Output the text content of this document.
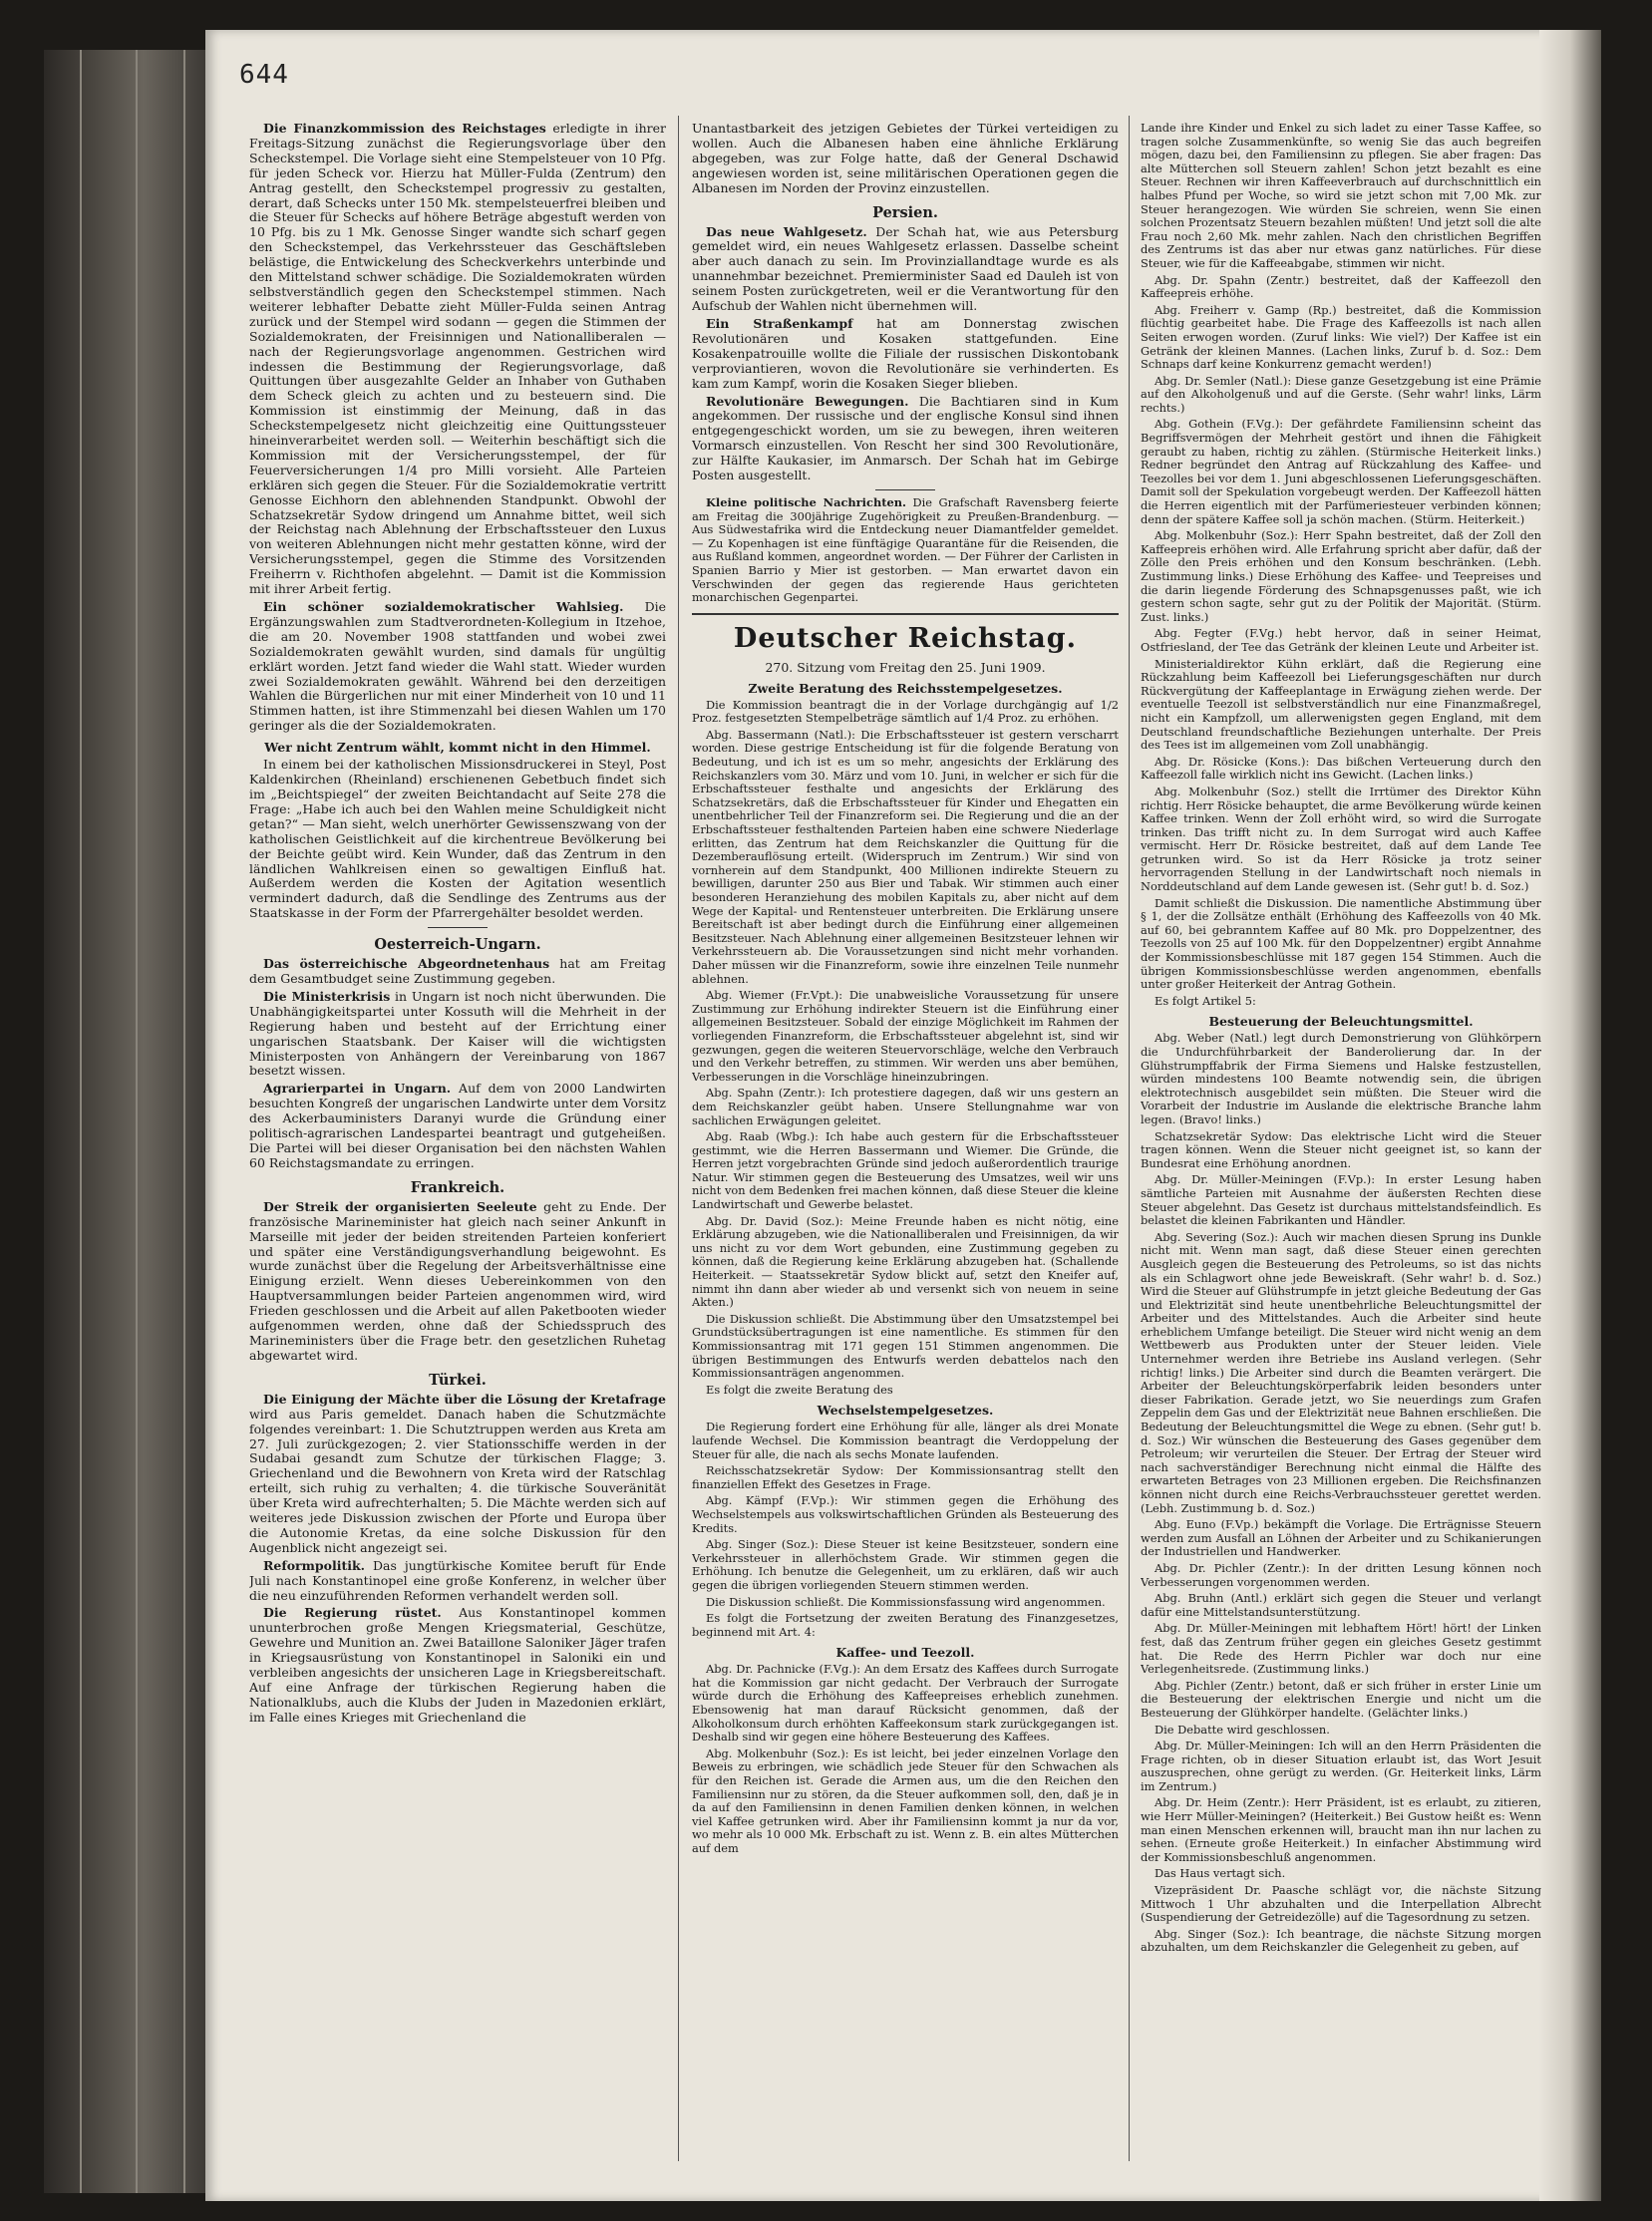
644

Die Finanzkommission des Reichstages erledigte in ihrer Freitags-Sitzung zunächst die Regierungsvorlage über den Scheckstempel. Die Vorlage sieht eine Stempelsteuer von 10 Pfg. für jeden Scheck vor. Hierzu hat Müller-Fulda (Zentrum) den Antrag gestellt, den Scheckstempel progressiv zu gestalten, derart, daß Schecks unter 150 Mk. stempelsteuerfrei bleiben und die Steuer für Schecks auf höhere Beträge abgestuft werden von 10 Pfg. bis zu 1 Mk. Genosse Singer wandte sich scharf gegen den Scheckstempel, das Verkehrssteuer das Geschäftsleben belästige, die Entwickelung des Scheckverkehrs unterbinde und den Mittelstand schwer schädige. Die Sozialdemokraten würden selbstverständlich gegen den Scheckstempel stimmen. Nach weiterer lebhafter Debatte zieht Müller-Fulda seinen Antrag zurück und der Stempel wird sodann — gegen die Stimmen der Sozialdemokraten, der Freisinnigen und Nationalliberalen — nach der Regierungsvorlage angenommen. Gestrichen wird indessen die Bestimmung der Regierungsvorlage, daß Quittungen über ausgezahlte Gelder an Inhaber von Guthaben dem Scheck gleich zu achten und zu besteuern sind. Die Kommission ist einstimmig der Meinung, daß in das Scheckstempelgesetz nicht gleichzeitig eine Quittungssteuer hineinverarbeitet werden soll. — Weiterhin beschäftigt sich die Kommission mit der Versicherungsstempel, der für Feuerversicherungen 1/4 pro Milli vorsieht. Alle Parteien erklären sich gegen die Steuer. Für die Sozialdemokratie vertritt Genosse Eichhorn den ablehnenden Standpunkt. Obwohl der Schatzsekretär Sydow dringend um Annahme bittet, weil sich der Reichstag nach Ablehnung der Erbschaftssteuer den Luxus von weiteren Ablehnungen nicht mehr gestatten könne, wird der Versicherungsstempel, gegen die Stimme des Vorsitzenden Freiherrn v. Richthofen abgelehnt. — Damit ist die Kommission mit ihrer Arbeit fertig.

Ein schöner sozialdemokratischer Wahlsieg. Die Ergänzungswahlen zum Stadtverordneten-Kollegium in Itzehoe, die am 20. November 1908 stattfanden und wobei zwei Sozialdemokraten gewählt wurden, sind damals für ungültig erklärt worden. Jetzt fand wieder die Wahl statt. Wieder wurden zwei Sozialdemokraten gewählt. Während bei den derzeitigen Wahlen die Bürgerlichen nur mit einer Minderheit von 10 und 11 Stimmen hatten, ist ihre Stimmenzahl bei diesen Wahlen um 170 geringer als die der Sozialdemokraten.

Wer nicht Zentrum wählt, kommt nicht in den Himmel.

In einem bei der katholischen Missionsdruckerei in Steyl, Post Kaldenkirchen (Rheinland) erschienenen Gebetbuch findet sich im „Beichtspiegel“ der zweiten Beichtandacht auf Seite 278 die Frage: „Habe ich auch bei den Wahlen meine Schuldigkeit nicht getan?“ — Man sieht, welch unerhörter Gewissenszwang von der katholischen Geistlichkeit auf die kirchentreue Bevölkerung bei der Beichte geübt wird. Kein Wunder, daß das Zentrum in den ländlichen Wahlkreisen einen so gewaltigen Einfluß hat. Außerdem werden die Kosten der Agitation wesentlich vermindert dadurch, daß die Sendlinge des Zentrums aus der Staatskasse in der Form der Pfarrergehälter besoldet werden.

Oesterreich-Ungarn.

Das österreichische Abgeordnetenhaus hat am Freitag dem Gesamtbudget seine Zustimmung gegeben.

Die Ministerkrisis in Ungarn ist noch nicht überwunden. Die Unabhängigkeitspartei unter Kossuth will die Mehrheit in der Regierung haben und besteht auf der Errichtung einer ungarischen Staatsbank. Der Kaiser will die wichtigsten Ministerposten von Anhängern der Vereinbarung von 1867 besetzt wissen.

Agrarierpartei in Ungarn. Auf dem von 2000 Landwirten besuchten Kongreß der ungarischen Landwirte unter dem Vorsitz des Ackerbauministers Daranyi wurde die Gründung einer politisch-agrarischen Landespartei beantragt und gutgeheißen. Die Partei will bei dieser Organisation bei den nächsten Wahlen 60 Reichstagsmandate zu erringen.

Frankreich.

Der Streik der organisierten Seeleute geht zu Ende. Der französische Marineminister hat gleich nach seiner Ankunft in Marseille mit jeder der beiden streitenden Parteien konferiert und später eine Verständigungsverhandlung beigewohnt. Es wurde zunächst über die Regelung der Arbeitsverhältnisse eine Einigung erzielt. Wenn dieses Uebereinkommen von den Hauptversammlungen beider Parteien angenommen wird, wird Frieden geschlossen und die Arbeit auf allen Paketbooten wieder aufgenommen werden, ohne daß der Schiedsspruch des Marineministers über die Frage betr. den gesetzlichen Ruhetag abgewartet wird.

Türkei.

Die Einigung der Mächte über die Lösung der Kretafrage wird aus Paris gemeldet. Danach haben die Schutzmächte folgendes vereinbart: 1. Die Schutztruppen werden aus Kreta am 27. Juli zurückgezogen; 2. vier Stationsschiffe werden in der Sudabai gesandt zum Schutze der türkischen Flagge; 3. Griechenland und die Bewohnern von Kreta wird der Ratschlag erteilt, sich ruhig zu verhalten; 4. die türkische Souveränität über Kreta wird aufrechterhalten; 5. Die Mächte werden sich auf weiteres jede Diskussion zwischen der Pforte und Europa über die Autonomie Kretas, da eine solche Diskussion für den Augenblick nicht angezeigt sei.

Reformpolitik. Das jungtürkische Komitee beruft für Ende Juli nach Konstantinopel eine große Konferenz, in welcher über die neu einzuführenden Reformen verhandelt werden soll.

Die Regierung rüstet. Aus Konstantinopel kommen ununterbrochen große Mengen Kriegsmaterial, Geschütze, Gewehre und Munition an. Zwei Bataillone Saloniker Jäger trafen in Kriegsausrüstung von Konstantinopel in Saloniki ein und verbleiben angesichts der unsicheren Lage in Kriegsbereitschaft. Auf eine Anfrage der türkischen Regierung haben die Nationalklubs, auch die Klubs der Juden in Mazedonien erklärt, im Falle eines Krieges mit Griechenland die

Unantastbarkeit des jetzigen Gebietes der Türkei verteidigen zu wollen. Auch die Albanesen haben eine ähnliche Erklärung abgegeben, was zur Folge hatte, daß der General Dschawid angewiesen worden ist, seine militärischen Operationen gegen die Albanesen im Norden der Provinz einzustellen.

Persien.

Das neue Wahlgesetz. Der Schah hat, wie aus Petersburg gemeldet wird, ein neues Wahlgesetz erlassen. Dasselbe scheint aber auch danach zu sein. Im Provinziallandtage wurde es als unannehmbar bezeichnet. Premierminister Saad ed Dauleh ist von seinem Posten zurückgetreten, weil er die Verantwortung für den Aufschub der Wahlen nicht übernehmen will.

Ein Straßenkampf hat am Donnerstag zwischen Revolutionären und Kosaken stattgefunden. Eine Kosakenpatrouille wollte die Filiale der russischen Diskontobank verproviantieren, wovon die Revolutionäre sie verhinderten. Es kam zum Kampf, worin die Kosaken Sieger blieben.

Revolutionäre Bewegungen. Die Bachtiaren sind in Kum angekommen. Der russische und der englische Konsul sind ihnen entgegengeschickt worden, um sie zu bewegen, ihren weiteren Vormarsch einzustellen. Von Rescht her sind 300 Revolutionäre, zur Hälfte Kaukasier, im Anmarsch. Der Schah hat im Gebirge Posten ausgestellt.

Kleine politische Nachrichten. Die Grafschaft Ravensberg feierte am Freitag die 300jährige Zugehörigkeit zu Preußen-Brandenburg. — Aus Südwestafrika wird die Entdeckung neuer Diamantfelder gemeldet. — Zu Kopenhagen ist eine fünftägige Quarantäne für die Reisenden, die aus Rußland kommen, angeordnet worden. — Der Führer der Carlisten in Spanien Barrio y Mier ist gestorben. — Man erwartet davon ein Verschwinden der gegen das regierende Haus gerichteten monarchischen Gegenpartei.

Deutscher Reichstag.
270. Sitzung vom Freitag den 25. Juni 1909.
Zweite Beratung des Reichsstempelgesetzes.

Die Kommission beantragt die in der Vorlage durchgängig auf 1/2 Proz. festgesetzten Stempelbeträge sämtlich auf 1/4 Proz. zu erhöhen.

Abg. Bassermann (Natl.): Die Erbschaftssteuer ist gestern verscharrt worden. Diese gestrige Entscheidung ist für die folgende Beratung von Bedeutung, und ich ist es um so mehr, angesichts der Erklärung des Reichskanzlers vom 30. März und vom 10. Juni, in welcher er sich für die Erbschaftssteuer festhalte und angesichts der Erklärung des Schatzsekretärs, daß die Erbschaftssteuer für Kinder und Ehegatten ein unentbehrlicher Teil der Finanzreform sei. Die Regierung und die an der Erbschaftssteuer festhaltenden Parteien haben eine schwere Niederlage erlitten, das Zentrum hat dem Reichskanzler die Quittung für die Dezemberauflösung erteilt. (Widerspruch im Zentrum.) Wir sind von vornherein auf dem Standpunkt, 400 Millionen indirekte Steuern zu bewilligen, darunter 250 aus Bier und Tabak. Wir stimmen auch einer besonderen Heranziehung des mobilen Kapitals zu, aber nicht auf dem Wege der Kapital- und Rentensteuer unterbreiten. Die Erklärung unsere Bereitschaft ist aber bedingt durch die Einführung einer allgemeinen Besitzsteuer. Nach Ablehnung einer allgemeinen Besitzsteuer lehnen wir Verkehrssteuern ab. Die Voraussetzungen sind nicht mehr vorhanden. Daher müssen wir die Finanzreform, sowie ihre einzelnen Teile nunmehr ablehnen.

Abg. Wiemer (Fr.Vpt.): Die unabweisliche Voraussetzung für unsere Zustimmung zur Erhöhung indirekter Steuern ist die Einführung einer allgemeinen Besitzsteuer. Sobald der einzige Möglichkeit im Rahmen der vorliegenden Finanzreform, die Erbschaftssteuer abgelehnt ist, sind wir gezwungen, gegen die weiteren Steuervorschläge, welche den Verbrauch und den Verkehr betreffen, zu stimmen. Wir werden uns aber bemühen, Verbesserungen in die Vorschläge hineinzubringen.

Abg. Spahn (Zentr.): Ich protestiere dagegen, daß wir uns gestern an dem Reichskanzler geübt haben. Unsere Stellungnahme war von sachlichen Erwägungen geleitet.

Abg. Raab (Wbg.): Ich habe auch gestern für die Erbschaftssteuer gestimmt, wie die Herren Bassermann und Wiemer. Die Gründe, die Herren jetzt vorgebrachten Gründe sind jedoch außerordentlich traurige Natur. Wir stimmen gegen die Besteuerung des Umsatzes, weil wir uns nicht von dem Bedenken frei machen können, daß diese Steuer die kleine Landwirtschaft und Gewerbe belastet.

Abg. Dr. David (Soz.): Meine Freunde haben es nicht nötig, eine Erklärung abzugeben, wie die Nationalliberalen und Freisinnigen, da wir uns nicht zu vor dem Wort gebunden, eine Zustimmung gegeben zu können, daß die Regierung keine Erklärung abzugeben hat. (Schallende Heiterkeit. — Staatssekretär Sydow blickt auf, setzt den Kneifer auf, nimmt ihn dann aber wieder ab und versenkt sich von neuem in seine Akten.)

Die Diskussion schließt. Die Abstimmung über den Umsatzstempel bei Grundstücksübertragungen ist eine namentliche. Es stimmen für den Kommissionsantrag mit 171 gegen 151 Stimmen angenommen. Die übrigen Bestimmungen des Entwurfs werden debattelos nach den Kommissionsanträgen angenommen.

Es folgt die zweite Beratung des

Wechselstempelgesetzes.

Die Regierung fordert eine Erhöhung für alle, länger als drei Monate laufende Wechsel. Die Kommission beantragt die Verdoppelung der Steuer für alle, die nach als sechs Monate laufenden.

Reichsschatzsekretär Sydow: Der Kommissionsantrag stellt den finanziellen Effekt des Gesetzes in Frage.

Abg. Kämpf (F.Vp.): Wir stimmen gegen die Erhöhung des Wechselstempels aus volkswirtschaftlichen Gründen als Besteuerung des Kredits.

Abg. Singer (Soz.): Diese Steuer ist keine Besitzsteuer, sondern eine Verkehrssteuer in allerhöchstem Grade. Wir stimmen gegen die Erhöhung. Ich benutze die Gelegenheit, um zu erklären, daß wir auch gegen die übrigen vorliegenden Steuern stimmen werden.

Die Diskussion schließt. Die Kommissionsfassung wird angenommen.

Es folgt die Fortsetzung der zweiten Beratung des Finanzgesetzes, beginnend mit Art. 4:

Kaffee- und Teezoll.

Abg. Dr. Pachnicke (F.Vg.): An dem Ersatz des Kaffees durch Surrogate hat die Kommission gar nicht gedacht. Der Verbrauch der Surrogate würde durch die Erhöhung des Kaffeepreises erheblich zunehmen. Ebensowenig hat man darauf Rücksicht genommen, daß der Alkoholkonsum durch erhöhten Kaffeekonsum stark zurückgegangen ist. Deshalb sind wir gegen eine höhere Besteuerung des Kaffees.

Abg. Molkenbuhr (Soz.): Es ist leicht, bei jeder einzelnen Vorlage den Beweis zu erbringen, wie schädlich jede Steuer für den Schwachen als für den Reichen ist. Gerade die Armen aus, um die den Reichen den Familiensinn nur zu stören, da die Steuer aufkommen soll, den, daß je in da auf den Familiensinn in denen Familien denken können, in welchen viel Kaffee getrunken wird. Aber ihr Familiensinn kommt ja nur da vor, wo mehr als 10 000 Mk. Erbschaft zu ist. Wenn z. B. ein altes Mütterchen auf dem

Lande ihre Kinder und Enkel zu sich ladet zu einer Tasse Kaffee, so tragen solche Zusammenkünfte, so wenig Sie das auch begreifen mögen, dazu bei, den Familiensinn zu pflegen. Sie aber fragen: Das alte Mütterchen soll Steuern zahlen! Schon jetzt bezahlt es eine Steuer. Rechnen wir ihren Kaffeeverbrauch auf durchschnittlich ein halbes Pfund per Woche, so wird sie jetzt schon mit 7,00 Mk. zur Steuer herangezogen. Wie würden Sie schreien, wenn Sie einen solchen Prozentsatz Steuern bezahlen müßten! Und jetzt soll die alte Frau noch 2,60 Mk. mehr zahlen. Nach den christlichen Begriffen des Zentrums ist das aber nur etwas ganz natürliches. Für diese Steuer, wie für die Kaffeeabgabe, stimmen wir nicht.

Abg. Dr. Spahn (Zentr.) bestreitet, daß der Kaffeezoll den Kaffeepreis erhöhe.

Abg. Freiherr v. Gamp (Rp.) bestreitet, daß die Kommission flüchtig gearbeitet habe. Die Frage des Kaffeezolls ist nach allen Seiten erwogen worden. (Zuruf links: Wie viel?) Der Kaffee ist ein Getränk der kleinen Mannes. (Lachen links, Zuruf b. d. Soz.: Dem Schnaps darf keine Konkurrenz gemacht werden!)

Abg. Dr. Semler (Natl.): Diese ganze Gesetzgebung ist eine Prämie auf den Alkoholgenuß und auf die Gerste. (Sehr wahr! links, Lärm rechts.)

Abg. Gothein (F.Vg.): Der gefährdete Familiensinn scheint das Begriffsvermögen der Mehrheit gestört und ihnen die Fähigkeit geraubt zu haben, richtig zu zählen. (Stürmische Heiterkeit links.) Redner begründet den Antrag auf Rückzahlung des Kaffee- und Teezolles bei vor dem 1. Juni abgeschlossenen Lieferungsgeschäften. Damit soll der Spekulation vorgebeugt werden. Der Kaffeezoll hätten die Herren eigentlich mit der Parfümeriesteuer verbinden können; denn der spätere Kaffee soll ja schön machen. (Stürm. Heiterkeit.)

Abg. Molkenbuhr (Soz.): Herr Spahn bestreitet, daß der Zoll den Kaffeepreis erhöhen wird. Alle Erfahrung spricht aber dafür, daß der Zölle den Preis erhöhen und den Konsum beschränken. (Lebh. Zustimmung links.) Diese Erhöhung des Kaffee- und Teepreises und die darin liegende Förderung des Schnapsgenusses paßt, wie ich gestern schon sagte, sehr gut zu der Politik der Majorität. (Stürm. Zust. links.)

Abg. Fegter (F.Vg.) hebt hervor, daß in seiner Heimat, Ostfriesland, der Tee das Getränk der kleinen Leute und Arbeiter ist.

Ministerialdirektor Kühn erklärt, daß die Regierung eine Rückzahlung beim Kaffeezoll bei Lieferungsgeschäften nur durch Rückvergütung der Kaffeeplantage in Erwägung ziehen werde. Der eventuelle Teezoll ist selbstverständlich nur eine Finanzmaßregel, nicht ein Kampfzoll, um allerwenigsten gegen England, mit dem Deutschland freundschaftliche Beziehungen unterhalte. Der Preis des Tees ist im allgemeinen vom Zoll unabhängig.

Abg. Dr. Rösicke (Kons.): Das bißchen Verteuerung durch den Kaffeezoll falle wirklich nicht ins Gewicht. (Lachen links.)

Abg. Molkenbuhr (Soz.) stellt die Irrtümer des Direktor Kühn richtig. Herr Rösicke behauptet, die arme Bevölkerung würde keinen Kaffee trinken. Wenn der Zoll erhöht wird, so wird die Surrogate trinken. Das trifft nicht zu. In dem Surrogat wird auch Kaffee vermischt. Herr Dr. Rösicke bestreitet, daß auf dem Lande Tee getrunken wird. So ist da Herr Rösicke ja trotz seiner hervorragenden Stellung in der Landwirtschaft noch niemals in Norddeutschland auf dem Lande gewesen ist. (Sehr gut! b. d. Soz.)

Damit schließt die Diskussion. Die namentliche Abstimmung über § 1, der die Zollsätze enthält (Erhöhung des Kaffeezolls von 40 Mk. auf 60, bei gebranntem Kaffee auf 80 Mk. pro Doppelzentner, des Teezolls von 25 auf 100 Mk. für den Doppelzentner) ergibt Annahme der Kommissionsbeschlüsse mit 187 gegen 154 Stimmen. Auch die übrigen Kommissionsbeschlüsse werden angenommen, ebenfalls unter großer Heiterkeit der Antrag Gothein.

Es folgt Artikel 5:

Besteuerung der Beleuchtungsmittel.

Abg. Weber (Natl.) legt durch Demonstrierung von Glühkörpern die Undurchführbarkeit der Banderolierung dar. In der Glühstrumpffabrik der Firma Siemens und Halske festzustellen, würden mindestens 100 Beamte notwendig sein, die übrigen elektrotechnisch ausgebildet sein müßten. Die Steuer wird die Vorarbeit der Industrie im Auslande die elektrische Branche lahm legen. (Bravo! links.)

Schatzsekretär Sydow: Das elektrische Licht wird die Steuer tragen können. Wenn die Steuer nicht geeignet ist, so kann der Bundesrat eine Erhöhung anordnen.

Abg. Dr. Müller-Meiningen (F.Vp.): In erster Lesung haben sämtliche Parteien mit Ausnahme der äußersten Rechten diese Steuer abgelehnt. Das Gesetz ist durchaus mittelstandsfeindlich. Es belastet die kleinen Fabrikanten und Händler.

Abg. Severing (Soz.): Auch wir machen diesen Sprung ins Dunkle nicht mit. Wenn man sagt, daß diese Steuer einen gerechten Ausgleich gegen die Besteuerung des Petroleums, so ist das nichts als ein Schlagwort ohne jede Beweiskraft. (Sehr wahr! b. d. Soz.) Wird die Steuer auf Glühstrumpfe in jetzt gleiche Bedeutung der Gas und Elektrizität sind heute unentbehrliche Beleuchtungsmittel der Arbeiter und des Mittelstandes. Auch die Arbeiter sind heute erheblichem Umfange beteiligt. Die Steuer wird nicht wenig an dem Wettbewerb aus Produkten unter der Steuer leiden. Viele Unternehmer werden ihre Betriebe ins Ausland verlegen. (Sehr richtig! links.) Die Arbeiter sind durch die Beamten verärgert. Die Arbeiter der Beleuchtungskörperfabrik leiden besonders unter dieser Fabrikation. Gerade jetzt, wo Sie neuerdings zum Grafen Zeppelin dem Gas und der Elektrizität neue Bahnen erschließen. Die Bedeutung der Beleuchtungsmittel die Wege zu ebnen. (Sehr gut! b. d. Soz.) Wir wünschen die Besteuerung des Gases gegenüber dem Petroleum; wir verurteilen die Steuer. Der Ertrag der Steuer wird nach sachverständiger Berechnung nicht einmal die Hälfte des erwarteten Betrages von 23 Millionen ergeben. Die Reichsfinanzen können nicht durch eine Reichs-Verbrauchssteuer gerettet werden. (Lebh. Zustimmung b. d. Soz.)

Abg. Euno (F.Vp.) bekämpft die Vorlage. Die Erträgnisse Steuern werden zum Ausfall an Löhnen der Arbeiter und zu Schikanierungen der Industriellen und Handwerker.

Abg. Dr. Pichler (Zentr.): In der dritten Lesung können noch Verbesserungen vorgenommen werden.

Abg. Bruhn (Antl.) erklärt sich gegen die Steuer und verlangt dafür eine Mittelstandsunterstützung.

Abg. Dr. Müller-Meiningen mit lebhaftem Hört! hört! der Linken fest, daß das Zentrum früher gegen ein gleiches Gesetz gestimmt hat. Die Rede des Herrn Pichler war doch nur eine Verlegenheitsrede. (Zustimmung links.)

Abg. Pichler (Zentr.) betont, daß er sich früher in erster Linie um die Besteuerung der elektrischen Energie und nicht um die Besteuerung der Glühkörper handelte. (Gelächter links.)

Die Debatte wird geschlossen.

Abg. Dr. Müller-Meiningen: Ich will an den Herrn Präsidenten die Frage richten, ob in dieser Situation erlaubt ist, das Wort Jesuit auszusprechen, ohne gerügt zu werden. (Gr. Heiterkeit links, Lärm im Zentrum.)

Abg. Dr. Heim (Zentr.): Herr Präsident, ist es erlaubt, zu zitieren, wie Herr Müller-Meiningen? (Heiterkeit.) Bei Gustow heißt es: Wenn man einen Menschen erkennen will, braucht man ihn nur lachen zu sehen. (Erneute große Heiterkeit.) In einfacher Abstimmung wird der Kommissionsbeschluß angenommen.

Das Haus vertagt sich.

Vizepräsident Dr. Paasche schlägt vor, die nächste Sitzung Mittwoch 1 Uhr abzuhalten und die Interpellation Albrecht (Suspendierung der Getreidezölle) auf die Tagesordnung zu setzen.

Abg. Singer (Soz.): Ich beantrage, die nächste Sitzung morgen abzuhalten, um dem Reichskanzler die Gelegenheit zu geben, auf
